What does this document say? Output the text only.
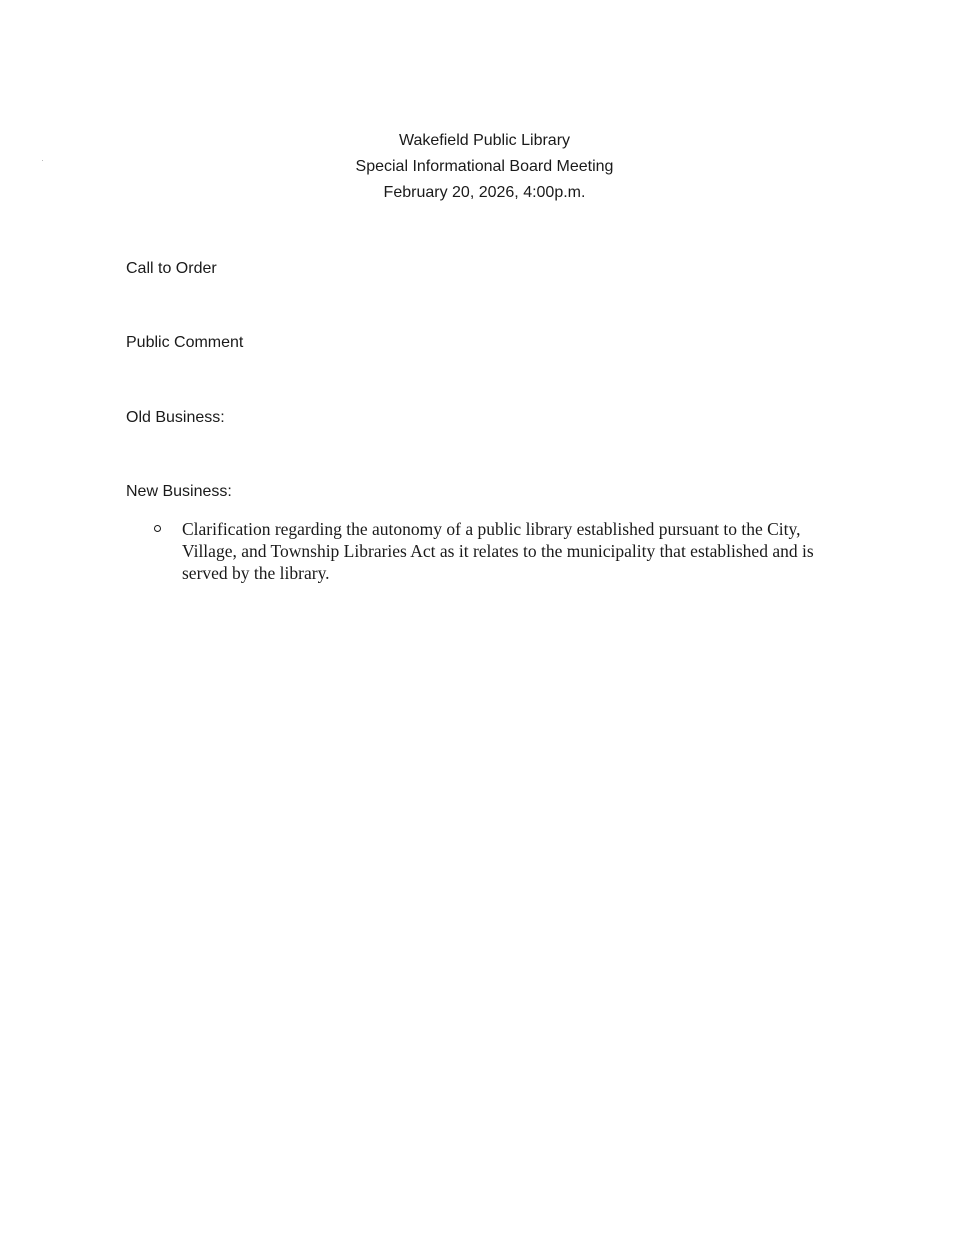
Wakefield Public Library
Special Informational Board Meeting
February 20, 2026, 4:00p.m.
Call to Order
Public Comment
Old Business:
New Business:
Clarification regarding the autonomy of a public library established pursuant to the City, Village, and Township Libraries Act as it relates to the municipality that established and is served by the library.
